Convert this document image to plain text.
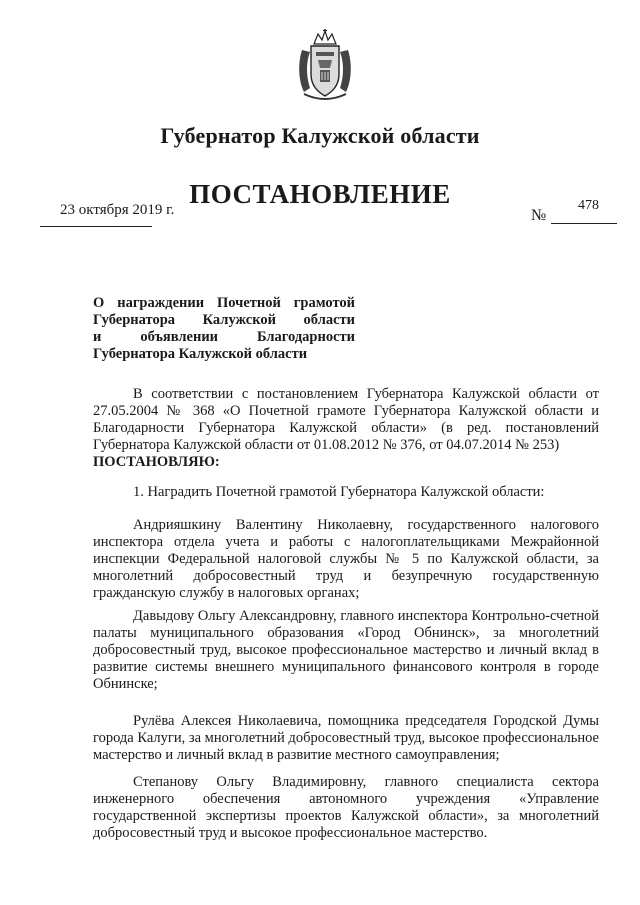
Губернатор Калужской области
ПОСТАНОВЛЕНИЕ
23 октября 2019 г.	№
478
О награждении Почетной грамотой
Губернатора Калужской области
и объявлении Благодарности
Губернатора Калужской области
В соответствии с постановлением Губернатора Калужской области от 27.05.2004 № 368 «О Почетной грамоте Губернатора Калужской области и Благодарности Губернатора Калужской области» (в ред. постановлений Губернатора Калужской области от 01.08.2012 № 376, от 04.07.2014 № 253)
ПОСТАНОВЛЯЮ:
1. Наградить Почетной грамотой Губернатора Калужской области:
Андрияшкину Валентину Николаевну, государственного налогового инспектора отдела учета и работы с налогоплательщиками Межрайонной инспекции Федеральной налоговой службы № 5 по Калужской области, за многолетний добросовестный труд и безупречную государственную гражданскую службу в налоговых органах;
Давыдову Ольгу Александровну, главного инспектора Контрольно-счетной палаты муниципального образования «Город Обнинск», за многолетний добросовестный труд, высокое профессиональное мастерство и личный вклад в развитие системы внешнего муниципального финансового контроля в городе Обнинске;
Рулёва Алексея Николаевича, помощника председателя Городской Думы города Калуги, за многолетний добросовестный труд, высокое профессиональное мастерство и личный вклад в развитие местного самоуправления;
Степанову Ольгу Владимировну, главного специалиста сектора инженерного обеспечения автономного учреждения «Управление государственной экспертизы проектов Калужской области», за многолетний добросовестный труд и высокое профессиональное мастерство.
